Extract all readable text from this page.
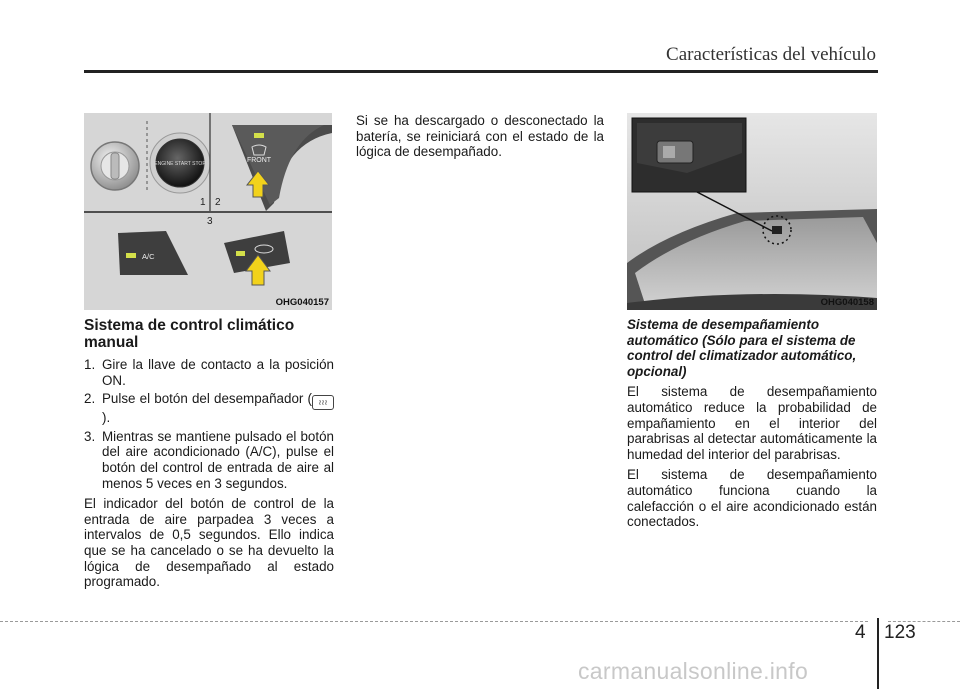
Características del vehículo
ENGINE START STOP	FRONT
1 2
3
A/C
OHG040157	OHG040158
Sistema de control climático manual
1. Gire la llave de contacto a la posición ON.
2. Pulse el botón del desempañador ( ≀≀≀).
3. Mientras se mantiene pulsado el botón del aire acondicionado (A/C), pulse el botón del control de entrada de aire al menos 5 veces en 3 segundos.

El indicador del botón de control de la entrada de aire parpadea 3 veces a intervalos de 0,5 segundos. Ello indica que se ha cancelado o se ha devuelto la lógica de desempañado al estado programado.

Si se ha descargado o desconectado la batería, se reiniciará con el estado de la lógica de desempañado.

Sistema de desempañamiento automático (Sólo para el sistema de control del climatizador automático, opcional)

El sistema de desempañamiento automático reduce la probabilidad de empañamiento en el interior del parabrisas al detectar automáticamente la humedad del interior del parabrisas.

El sistema de desempañamiento automático funciona cuando la calefacción o el aire acondicionado están conectados.

4 123
carmanualsonline.info
